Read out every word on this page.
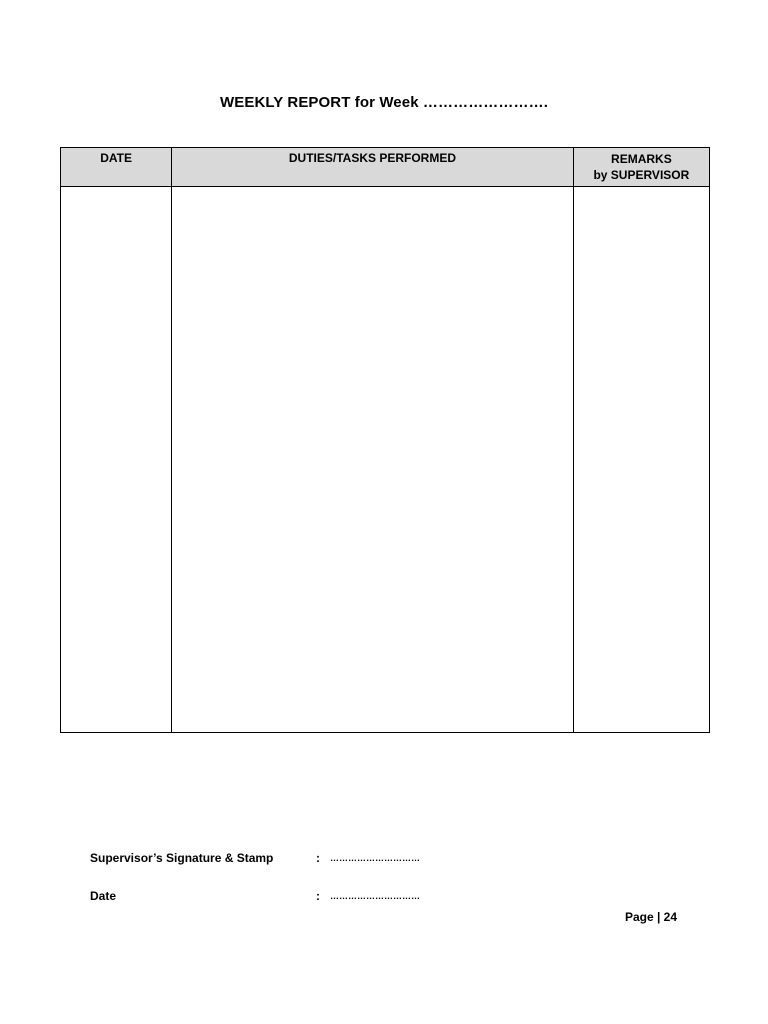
WEEKLY REPORT for Week …………………….
DATE	DUTIES/TASKS PERFORMED	REMARKS
by SUPERVISOR

Supervisor’s Signature & Stamp	: …………………………
Date	: …………………………
Page | 24
